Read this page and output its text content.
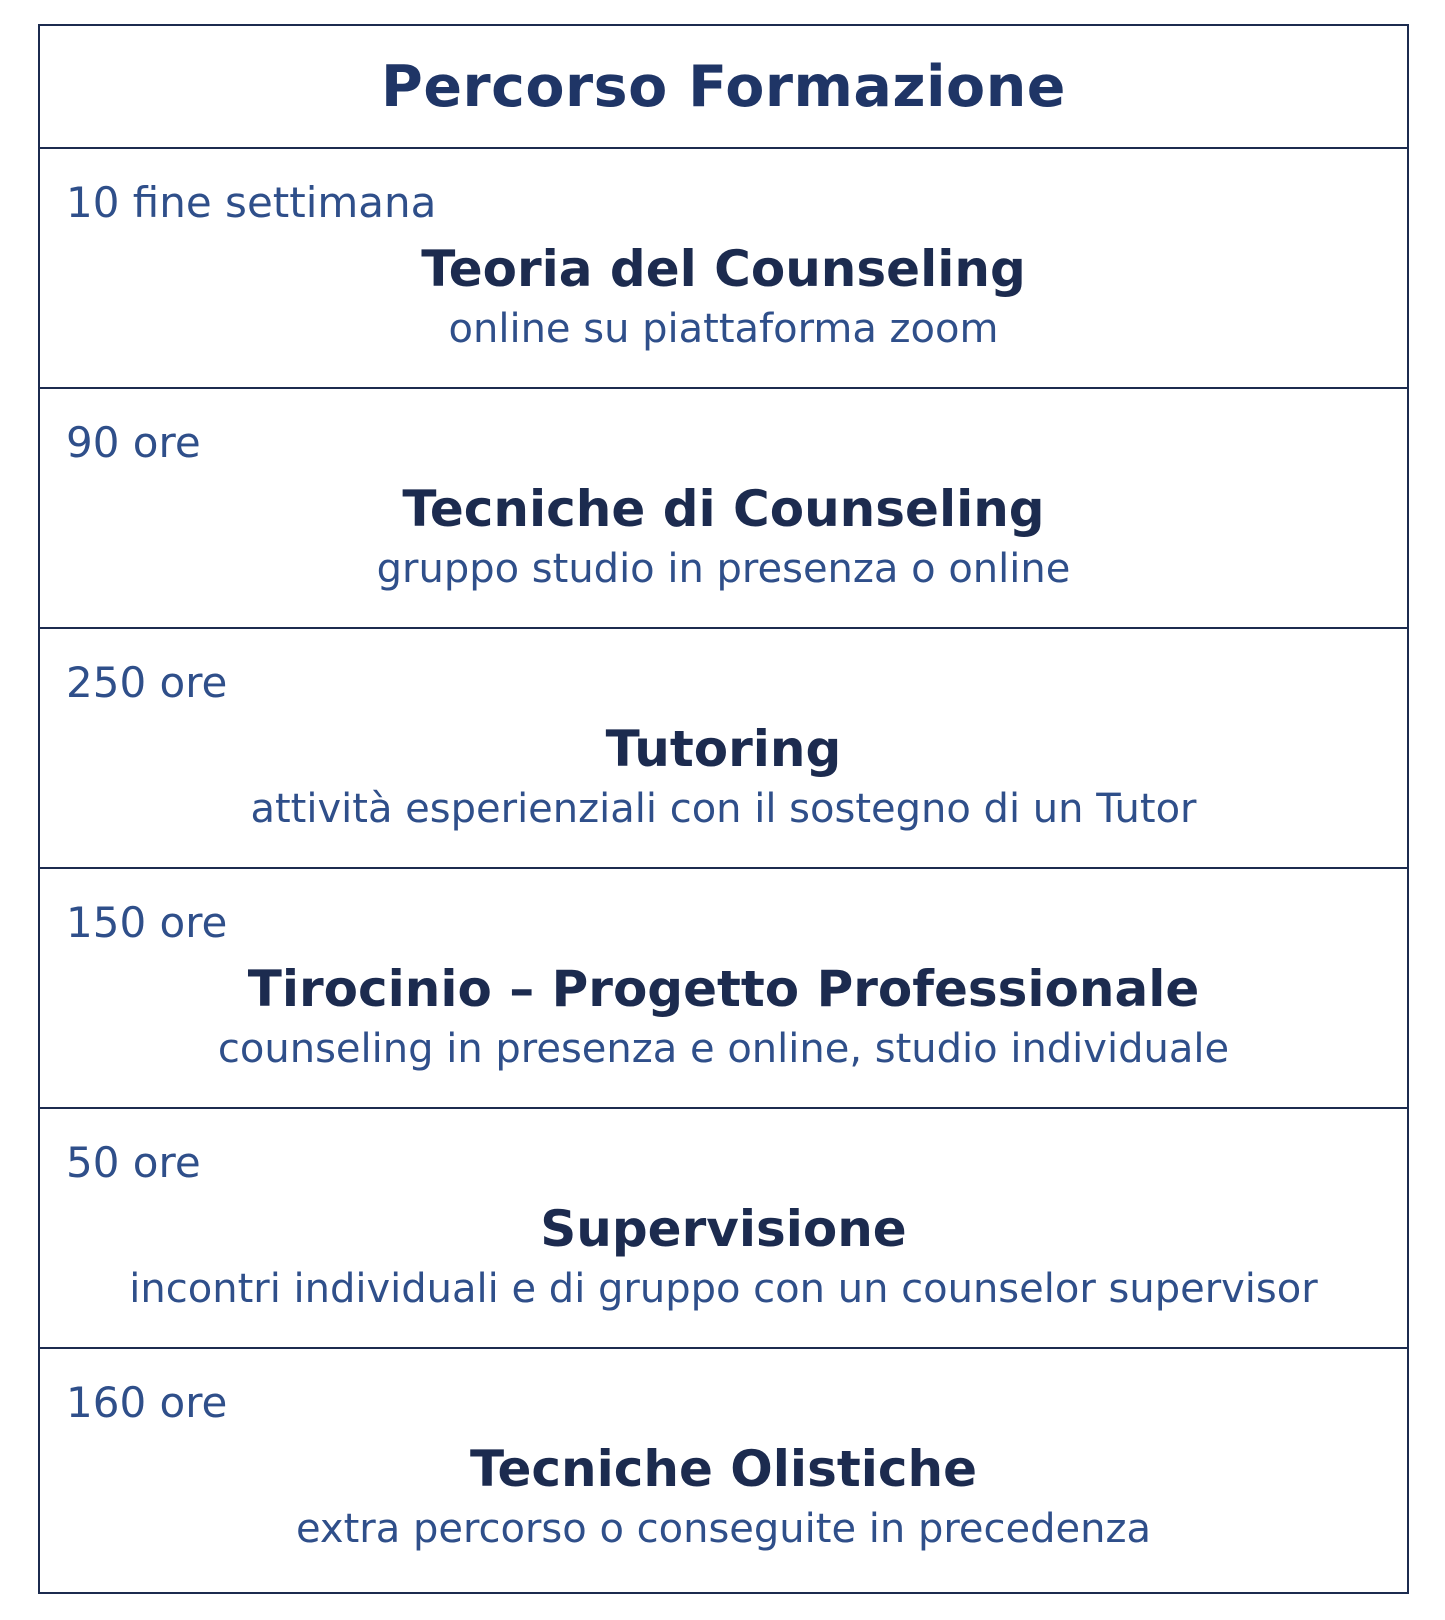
Percorso Formazione
10 fine settimana
Teoria del Counseling
online su piattaforma zoom
90 ore
Tecniche di Counseling
gruppo studio in presenza o online
250 ore
Tutoring
attività esperienziali con il sostegno di un Tutor
150 ore
Tirocinio – Progetto Professionale
counseling in presenza e online, studio individuale
50 ore
Supervisione
incontri individuali e di gruppo con un counselor supervisor
160 ore
Tecniche Olistiche
extra percorso o conseguite in precedenza
